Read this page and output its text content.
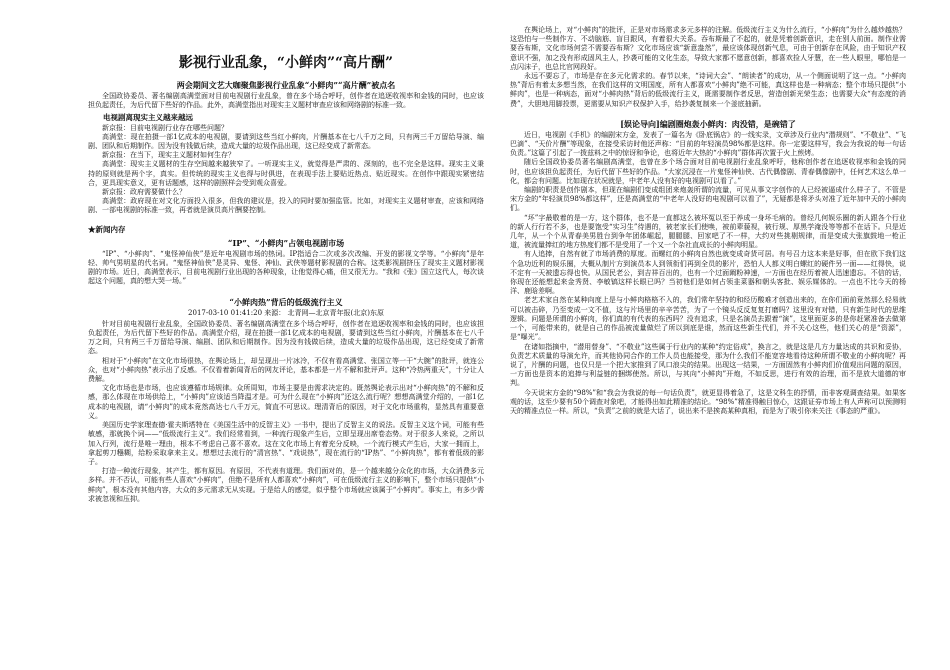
影视行业乱象，“小鲜肉”“高片酬”
两会期间文艺大咖聚焦影视行业乱象“小鲜肉”“高片酬”被点名

全国政协委员、著名编剧高满堂面对目前电视剧行业乱象，曾在多个场合呼吁，创作者在追逐收视率和金钱的同时，也应该担负起责任，为后代留下些好的作品。此外，高满堂指出对现实主义题材审查应该和网络剧的标准一致。

电视剧离现实主义越来越远

新京报：目前电视剧行业存在哪些问题？

高满堂：现在拍摄一部1亿成本的电视剧，要请到这些当红小鲜肉，片酬基本在七八千万之间，只有两三千万留给导演、编剧、团队和后期制作。因为没有钱做后续，造成大量的垃圾作品出现，这已经变成了新常态。

新京报：在当下，现实主义题材如何生存？

高满堂：现实主义题材的生存空间越来越狭窄了。一听现实主义，就觉得是严肃的、深刻的，也不完全是这样。现实主义秉持的原则就是两个字，真实。但传统的现实主义也得与时俱进，在表现手法上要贴近热点、贴近现实。在创作中跟现实紧密结合，更具现实意义，更有话题感，这样的剧照样会受到观众喜爱。

新京报：政府需要做什么？

高满堂：政府现在对文化方面投入很多，但我的建议是，投入的同时要加强监管。比如，对现实主义题材审查，应该和网络剧、一部电视剧的标准一致，再者就是演员高片酬要控制。

★新闻内存
“IP”、“小鲜肉”占领电视剧市场

“IP”、“小鲜肉”、“鬼怪神仙侠”是近年电视剧市场的热词。IP指适合二次或多次改编、开发的影视文学等。“小鲜肉”是年轻、帅气男明星的代名词。“鬼怪神仙侠”是灵异、鬼怪、神仙、武侠等题材影视剧的合称。这类影视剧挤压了现实主义题材影视剧的市场。近日，高满堂表示，目前电视剧行业出现的各种现象，让他觉得心痛，但又很无力。“我和《张》国立这代人，每次谈起这个问题，真的想大哭一场。”

“小鲜肉热”背后的低级流行主义
2017-03-10 01:41:20 来源： 北青网—北京青年报(北京)东原

针对目前电视剧行业乱象，全国政协委员、著名编剧高满堂在多个场合呼吁，创作者在追逐收视率和金钱的同时，也应该担负起责任，为后代留下些好的作品。高满堂介绍，现在拍摄一部1亿成本的电视剧，要请到这些当红小鲜肉，片酬基本在七八千万之间，只有两三千万留给导演、编剧、团队和后期制作。因为没有钱做后续，造成大量的垃圾作品出现，这已经变成了新常态。

相对于“小鲜肉”在文化市场很热，在舆论场上，却呈现出一片冰冷，不仅有看高满堂、张国立等一干“大腕”的批评，就连公众，也对“小鲜肉热”表示出了反感。不仅看着新闻背后的网友评论，基本都是一片不解和批评声。这种“冷热两重天”，十分让人费解。

文化市场也是市场，也应该遵循市场规律。众所周知，市场主要是由需求决定的。既然舆论表示出对“小鲜肉热”的不解和反感，那么体现在市场供给上，“小鲜肉”应该适当降温才是。可为什么现在“小鲜肉”还这么流行呢？想想高满堂介绍的，一部1亿成本的电视剧，请“小鲜肉”的成本竟然高达七八千万元，简直不可思议。理清背后的原因，对于文化市场重构，显然具有重要意义。

美国历史学家理查德·霍夫斯塔特在《美国生活中的反智主义》一书中，提出了反智主义的说法。反智主义这个词，可能有些敏感，那就换个词——“低级流行主义”。我们经常看到，一种流行现象产生后，立即呈现出席卷态势。对于很多人来说，之所以加入行列，流行是唯一理由，根本不考虑自己喜不喜欢。这在文化市场上有着充分反映，一个流行模式产生后，大家一拥而上，拿起剪刀糨糊，给粉采取拿来主义。想想过去流行的“清宫热”、“戏说热”，现在流行的“IP热”、“小鲜肉热”，都有着低级的影子。

打造一种流行现象，其产生，都有原因。有原因，不代表有道理。我们面对的，是一个越来越分众化的市场，大众消费多元多样。并不否认，可能有些人喜欢“小鲜肉”，但绝不是所有人都喜欢“小鲜肉”，可在低级流行主义的影响下，整个市场只提供“小鲜肉”，根本没有其他内容，大众的多元需求无从实现。于是给人的感觉，似乎整个市场就应该属于“小鲜肉”。事实上，有多少需求被忽视和压抑。

在舆论场上，对“小鲜肉”的批评，正是对市场需求多元多样的注解。低级流行主义为什么流行，“小鲜肉”为什么越炒越热？这恐怕与一些制作方、不动脑筋、盲目跟风，有着很大关系。吞布斯最了不起的，就是凭着创新意识，走在别人前面。制作业需要吞布斯，文化市场何尝不需要吞布斯？文化市场应该“新意盎然”，最应该体现创新气息，可由于创新存在风险，由于知识产权意识不强，加之没有形成固风主人，抄袭可能的文化生态，导致大家都不愿意创新，都喜欢捡人牙慧，在一些人眼里，哪怕是一点闪沫子，也总比官网段好。

永远不要忘了，市场是存在多元化需求的。春节以来，“诗词大会”、“朗读者”的成功，从一个侧面说明了这一点。“小鲜肉热”背后有着太多想当然，在我们这样的文明国度，所有人都喜欢“小鲜肉”绝不可能，真这样也是一种病态；整个市场只提供“小鲜肉”，也是一种病态，面对“小鲜肉热”背后的低级流行主义，既需要制作者反思，营造创新光荣生态；也需要大众“有态度的消费”，大胆地用脚投票，更需要从知识产权保护入手，给抄袭复制来一个釜底抽薪。

[娱论导向]编剧圈炮轰小鲜肉：肉没错，是碗错了

近日，电视剧《手机》的编剧宋方金，发表了一篇名为《卧底锅店》的一线实录，文章涉及行业内“潜规则”、“不敬业”、“飞巴滴”、“天价片酬”等现象，在接受采访时他还声称：“目前的年轻演员98%都是这样。你一定要这样写，我会为我说的每一句话负责。”这篇了引起了一拨兹料之中的惊讶和争论，也将近年大热的“小鲜肉”群体再次置于火上煎烤。

随后全国政协委员著名编剧高满堂，也曾在多个场合面对目前电视剧行业乱象呼吁，他称创作者在追逐收视率和金钱的同时，也应该担负起责任，为后代留下些好的作品。“大家沉浸在一片鬼怪神仙侠、古代偶像剧、青春偶像剧中，任何艺术这么单一化，都会有问题。比如现在状况就是，中老年人没有好的电视剧可以看了。”

编剧的职责是创作剧本，但现在编剧们变成组团来炮轰所谓的流量，可见从事文字创作的人已经被逼成什么样子了。不管是宋方金的“年轻演员98%都这样”，还是高满堂的“中老年人没好的电视剧可以看了”，无疑都是将矛头对准了近年加中天的小鲜肉们。

“坏”字最敬着的是一方，这个群体，也不是一直都这么被坏冤以至于养成一身坏毛病的。曾经几何娱乐圈的新人跟各个行业的新人行行若不多，也是要饱受“实习生”待遇的，被老家长们使唤，被前辈藐视，被行规、厚黑学淹没等等都不在话下。只是近几年，从一个个从青春美男胜台到争年团体崛起，腿腿腿、回家吧了不一样，大约对些挑剔规律，而是变成大张旗鼓地一枪正道，被流量捧红的地方热度们都不是受用了一个又一个杂社直成长的小鲜肉明星。

有人追捧，自然有就了市场消费的厚度。而螺红的小鲜肉自然也就变成奇货可居。有号召力这本来是好事，但在欧下我们这个急功近利的娱乐圈，大概从制片方到演员本人到领衔们再到全员的影片，恐怕人人都义明白螺红的硬件另一面——红得快，说不定有一天被遗忘得也快。从国民老公，到吉祥百出的，也有一个过面阚粉神速，一方面也在经历着被人迅速遗忘。不信的话，你现在还能想起来金秀贤、李敏镐这样长眼已吗？当初他们是如何占领韭菜器和朝头客批、娱乐媒体的。一点也不比今天的杨洋、鹿晗差啊。

老艺术家自然在某种向度上是与小鲜肉格格不入的，我们常年坚持的和经历酸难才创造出来的，在你们面前竟然那么轻易就可以被击碎，乃至变成一文不值，这与片场里的辛辛苦苦，为了一个镜头反反复复打磨吗？这里没有对错，只有新生时代的思维逻辑。问题是所谓的小鲜肉，你们真的有代表的东西吗？没有追求，只是名演员去跟着“演”，这里面更多的是你赶紧准备去做第一个，可能带来的，就是自己的作品被流量做烂了所以到底是谁，然而这些新生代们，并不关心这些，他们关心的是“资源”，是“曝光”。

在诸如指摘中，“潜用替身”、“不敬业”这些属于行业内的某种“约定俗成”，换言之，就是这是几方力量达成的共识和妥协，负责艺术质量的导演允许，而其他协同合作的工作人员也能接受，那为什么我们不能宽容地看待这种所谓不敬业的小鲜肉呢？再说了，片酬的问题，也仅只是一个把大家推到了风口浪尖的结果。出现这一结果，一方面固然有小鲜肉们价值观出问题的原因，一方面也是资本的追捧与利益链的捆绑使然。所以，与其向“小鲜肉”开炮，不如反思，进行有效的治理，而不是放大道德的审判。

今天说宋方金的“98%”和“我会为我说的每一句话负责”，就更显得着急了，这是文科生的抒情，而非客观调查结果。如果客观的话，这至少要有50个调查对象吧，才能得出如此精准的结论。“98%”精准得触目惊心，这跟证券市场上有人声称可以预测明天的精准点位一样。所以，“负责”之前的就是大话了，说出来不是挨高某种真相，而是为了吸引你来关注《事态的严重》。
